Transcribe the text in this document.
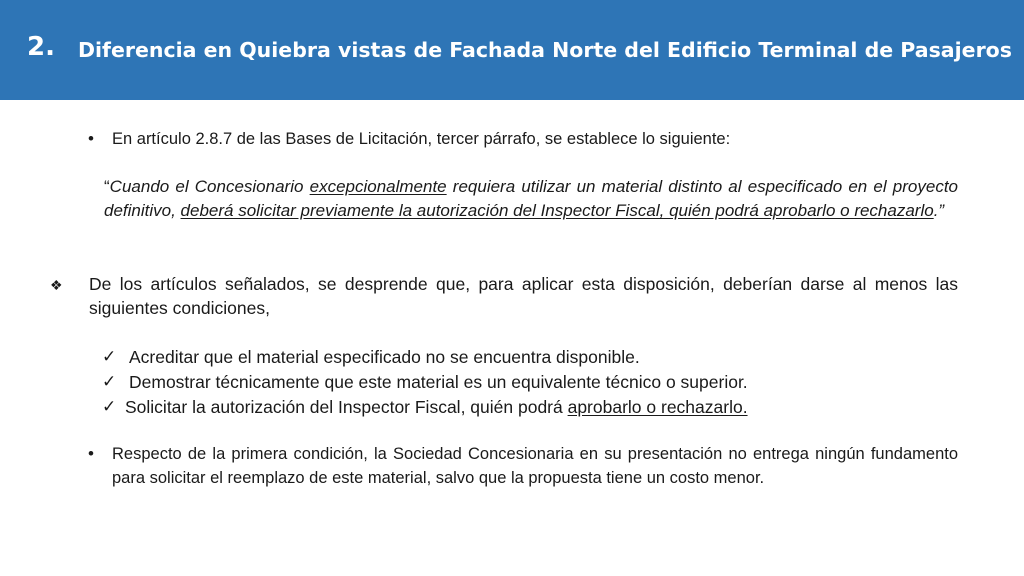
2. Diferencia en Quiebra vistas de Fachada Norte del Edificio Terminal de Pasajeros
• En artículo 2.8.7 de las Bases de Licitación, tercer párrafo, se establece lo siguiente:
“Cuando el Concesionario excepcionalmente requiera utilizar un material distinto al especificado en el proyecto definitivo, deberá solicitar previamente la autorización del Inspector Fiscal, quién podrá aprobarlo o rechazarlo.”
❖ De los artículos señalados, se desprende que, para aplicar esta disposición, deberían darse al menos las siguientes condiciones,
✓ Acreditar que el material especificado no se encuentra disponible.
✓ Demostrar técnicamente que este material es un equivalente técnico o superior.
✓ Solicitar la autorización del Inspector Fiscal, quién podrá aprobarlo o rechazarlo.
• Respecto de la primera condición, la Sociedad Concesionaria en su presentación no entrega ningún fundamento para solicitar el reemplazo de este material, salvo que la propuesta tiene un costo menor.
